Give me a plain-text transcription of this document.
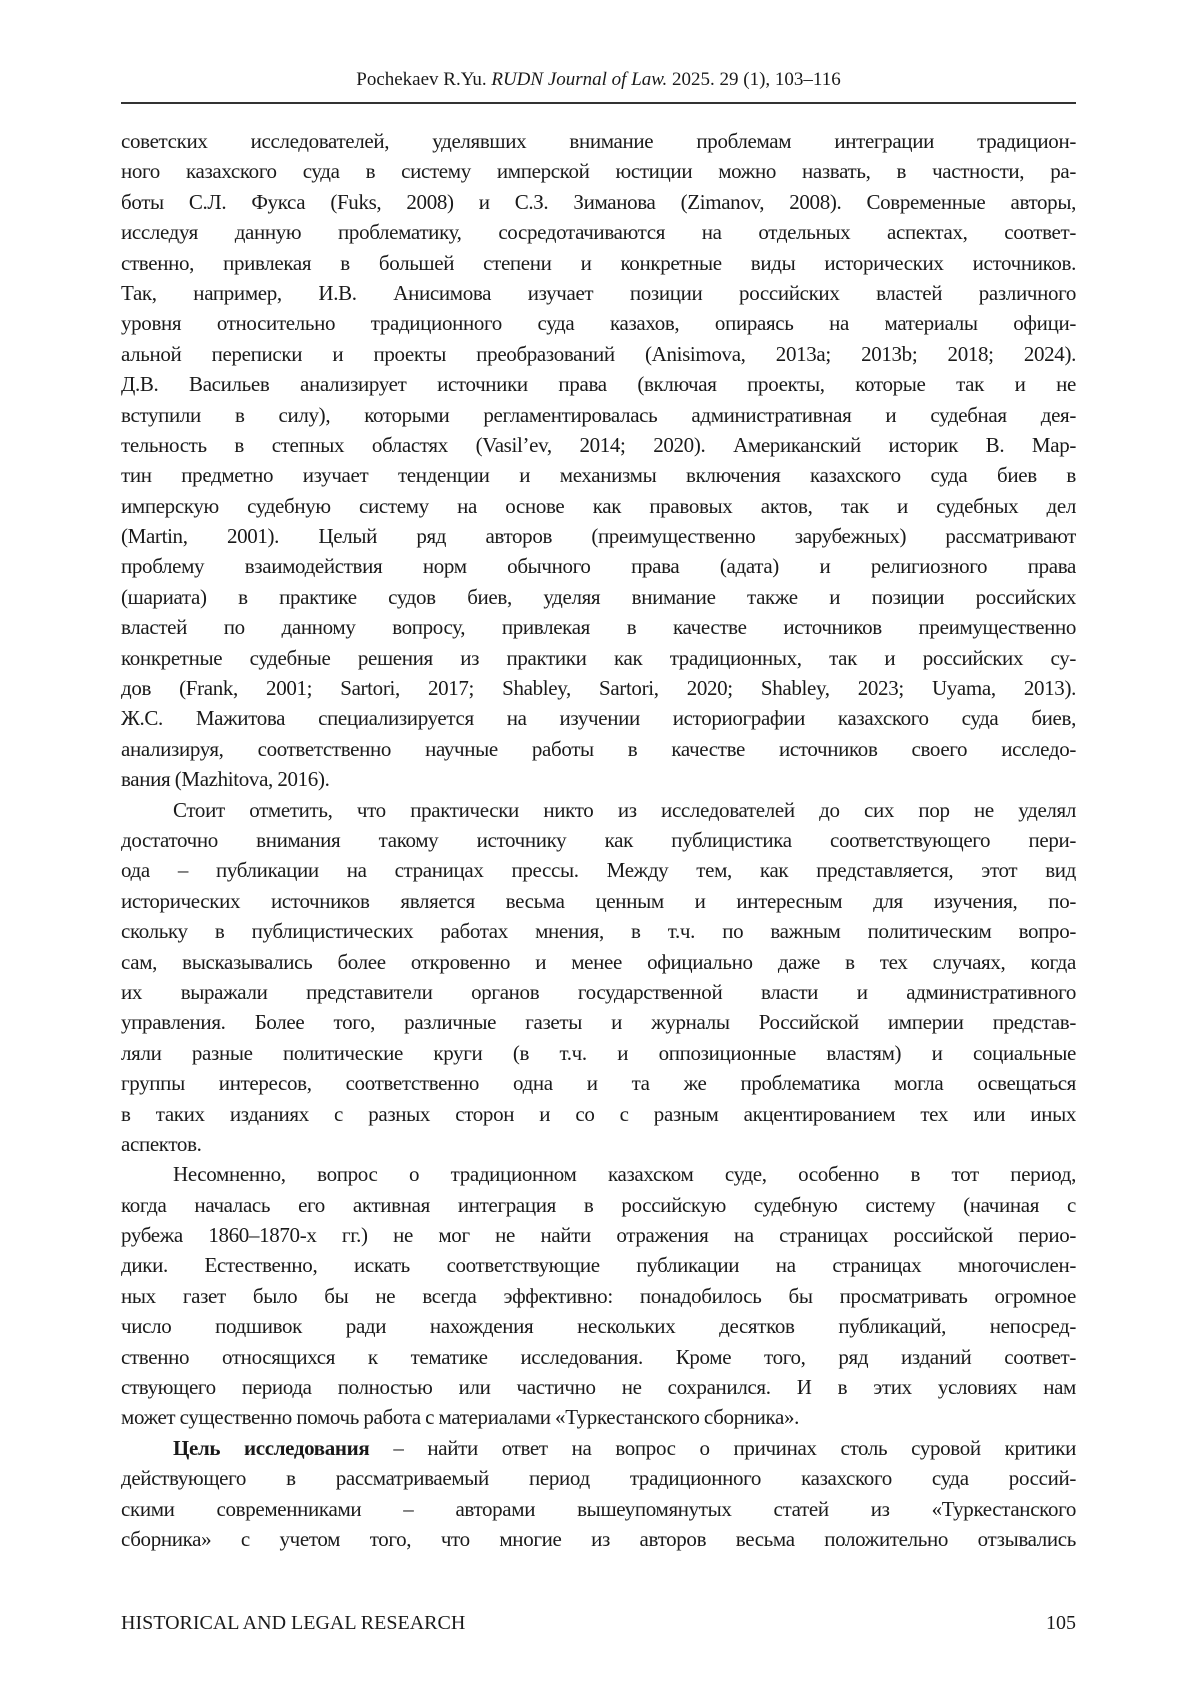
Pochekaev R.Yu. RUDN Journal of Law. 2025. 29 (1), 103–116
советских исследователей, уделявших внимание проблемам интеграции традицион-
ного казахского суда в систему имперской юстиции можно назвать, в частности, ра-
боты С.Л. Фукса (Fuks, 2008) и С.З. Зиманова (Zimanov, 2008). Современные авторы,
исследуя данную проблематику, сосредотачиваются на отдельных аспектах, соответ-
ственно, привлекая в большей степени и конкретные виды исторических источников.
Так, например, И.В. Анисимова изучает позиции российских властей различного
уровня относительно традиционного суда казахов, опираясь на материалы офици-
альной переписки и проекты преобразований (Anisimova, 2013a; 2013b; 2018; 2024).
Д.В. Васильев анализирует источники права (включая проекты, которые так и не
вступили в силу), которыми регламентировалась административная и судебная дея-
тельность в степных областях (Vasil’ev, 2014; 2020). Американский историк В. Мар-
тин предметно изучает тенденции и механизмы включения казахского суда биев в
имперскую судебную систему на основе как правовых актов, так и судебных дел
(Martin, 2001). Целый ряд авторов (преимущественно зарубежных) рассматривают
проблему взаимодействия норм обычного права (адата) и религиозного права
(шариата) в практике судов биев, уделяя внимание также и позиции российских
властей по данному вопросу, привлекая в качестве источников преимущественно
конкретные судебные решения из практики как традиционных, так и российских су-
дов (Frank, 2001; Sartori, 2017; Shabley, Sartori, 2020; Shabley, 2023; Uyama, 2013).
Ж.С. Мажитова специализируется на изучении историографии казахского суда биев,
анализируя, соответственно научные работы в качестве источников своего исследо-
вания (Mazhitova, 2016).
Стоит отметить, что практически никто из исследователей до сих пор не уделял
достаточно внимания такому источнику как публицистика соответствующего пери-
ода – публикации на страницах прессы. Между тем, как представляется, этот вид
исторических источников является весьма ценным и интересным для изучения, по-
скольку в публицистических работах мнения, в т.ч. по важным политическим вопро-
сам, высказывались более откровенно и менее официально даже в тех случаях, когда
их выражали представители органов государственной власти и административного
управления. Более того, различные газеты и журналы Российской империи представ-
ляли разные политические круги (в т.ч. и оппозиционные властям) и социальные
группы интересов, соответственно одна и та же проблематика могла освещаться
в таких изданиях с разных сторон и со с разным акцентированием тех или иных
аспектов.
Несомненно, вопрос о традиционном казахском суде, особенно в тот период,
когда началась его активная интеграция в российскую судебную систему (начиная с
рубежа 1860–1870-х гг.) не мог не найти отражения на страницах российской перио-
дики. Естественно, искать соответствующие публикации на страницах многочислен-
ных газет было бы не всегда эффективно: понадобилось бы просматривать огромное
число подшивок ради нахождения нескольких десятков публикаций, непосред-
ственно относящихся к тематике исследования. Кроме того, ряд изданий соответ-
ствующего периода полностью или частично не сохранился. И в этих условиях нам
может существенно помочь работа с материалами «Туркестанского сборника».
Цель исследования – найти ответ на вопрос о причинах столь суровой критики
действующего в рассматриваемый период традиционного казахского суда россий-
скими современниками – авторами вышеупомянутых статей из «Туркестанского
сборника» с учетом того, что многие из авторов весьма положительно отзывались
HISTORICAL AND LEGAL RESEARCH	105
